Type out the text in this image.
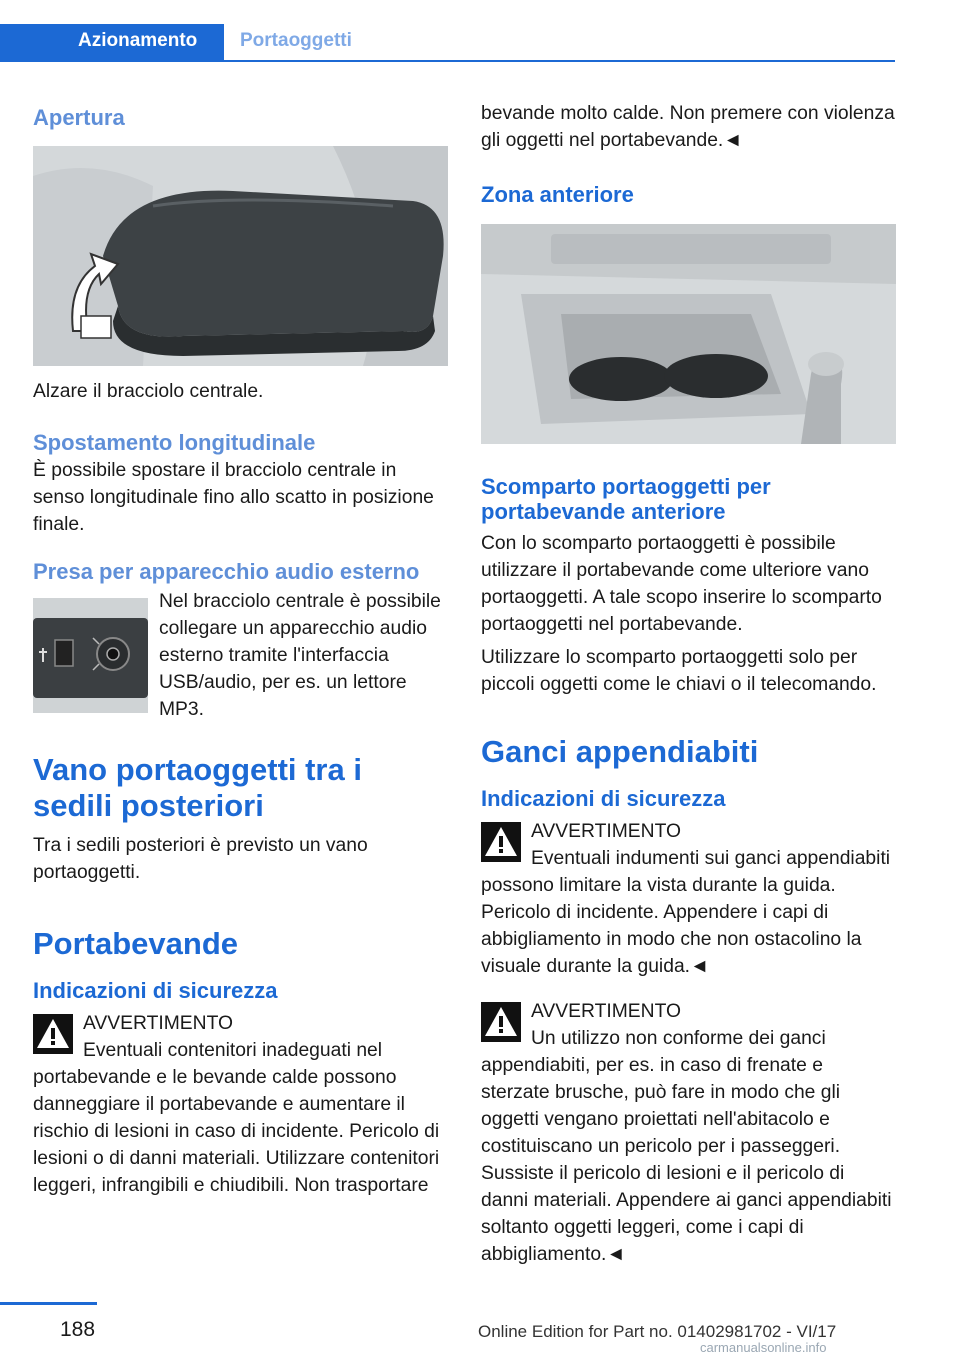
Azionamento	Portaoggetti
Apertura
Alzare il bracciolo centrale.
Spostamento longitudinale
È possibile spostare il bracciolo centrale in senso longitudinale fino allo scatto in posizione finale.
Presa per apparecchio audio esterno
Nel bracciolo centrale è possibile collegare un apparecchio audio esterno tramite l'interfaccia USB/audio, per es. un lettore MP3.
Vano portaoggetti tra i sedili posteriori
Tra i sedili posteriori è previsto un vano portaoggetti.
Portabevande
Indicazioni di sicurezza
AVVERTIMENTO
Eventuali contenitori inadeguati nel portabevande e le bevande calde possono danneggiare il portabevande e aumentare il rischio di lesioni in caso di incidente. Pericolo di lesioni o di danni materiali. Utilizzare contenitori leggeri, infrangibili e chiudibili. Non trasportare
bevande molto calde. Non premere con violenza gli oggetti nel portabevande.◄
Zona anteriore
Scomparto portaoggetti per portabevande anteriore
Con lo scomparto portaoggetti è possibile utilizzare il portabevande come ulteriore vano portaoggetti. A tale scopo inserire lo scomparto portaoggetti nel portabevande.
Utilizzare lo scomparto portaoggetti solo per piccoli oggetti come le chiavi o il telecomando.
Ganci appendiabiti
Indicazioni di sicurezza
AVVERTIMENTO
Eventuali indumenti sui ganci appendiabiti possono limitare la vista durante la guida. Pericolo di incidente. Appendere i capi di abbigliamento in modo che non ostacolino la visuale durante la guida.◄
AVVERTIMENTO
Un utilizzo non conforme dei ganci appendiabiti, per es. in caso di frenate e sterzate brusche, può fare in modo che gli oggetti vengano proiettati nell'abitacolo e costituiscano un pericolo per i passeggeri. Sussiste il pericolo di lesioni e il pericolo di danni materiali. Appendere ai ganci appendiabiti soltanto oggetti leggeri, come i capi di abbigliamento.◄
188	Online Edition for Part no. 01402981702 - VI/17
carmanualsonline.info
